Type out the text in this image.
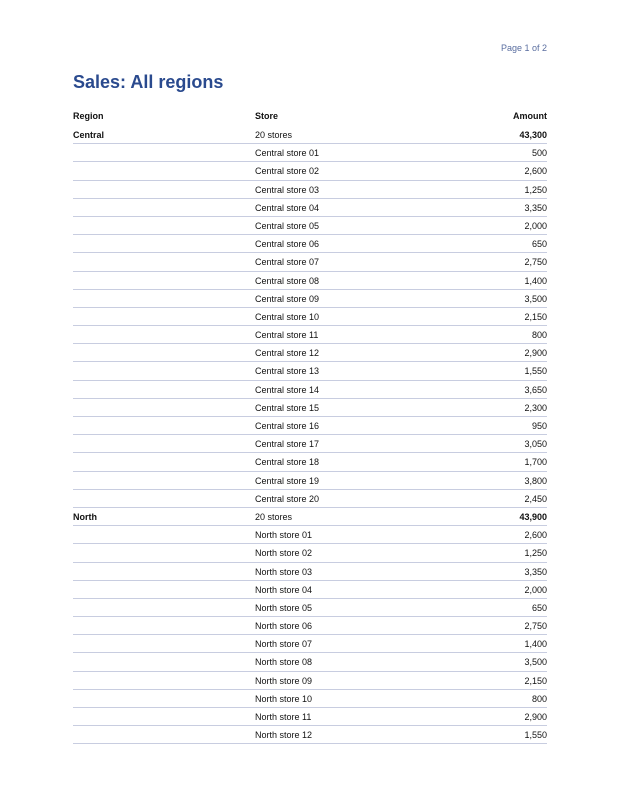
Page 1 of 2
Sales: All regions
Region	Store	Amount
Central	20 stores	43,300
Central store 01	500
Central store 02	2,600
Central store 03	1,250
Central store 04	3,350
Central store 05	2,000
Central store 06	650
Central store 07	2,750
Central store 08	1,400
Central store 09	3,500
Central store 10	2,150
Central store 11	800
Central store 12	2,900
Central store 13	1,550
Central store 14	3,650
Central store 15	2,300
Central store 16	950
Central store 17	3,050
Central store 18	1,700
Central store 19	3,800
Central store 20	2,450
North	20 stores	43,900
North store 01	2,600
North store 02	1,250
North store 03	3,350
North store 04	2,000
North store 05	650
North store 06	2,750
North store 07	1,400
North store 08	3,500
North store 09	2,150
North store 10	800
North store 11	2,900
North store 12	1,550
